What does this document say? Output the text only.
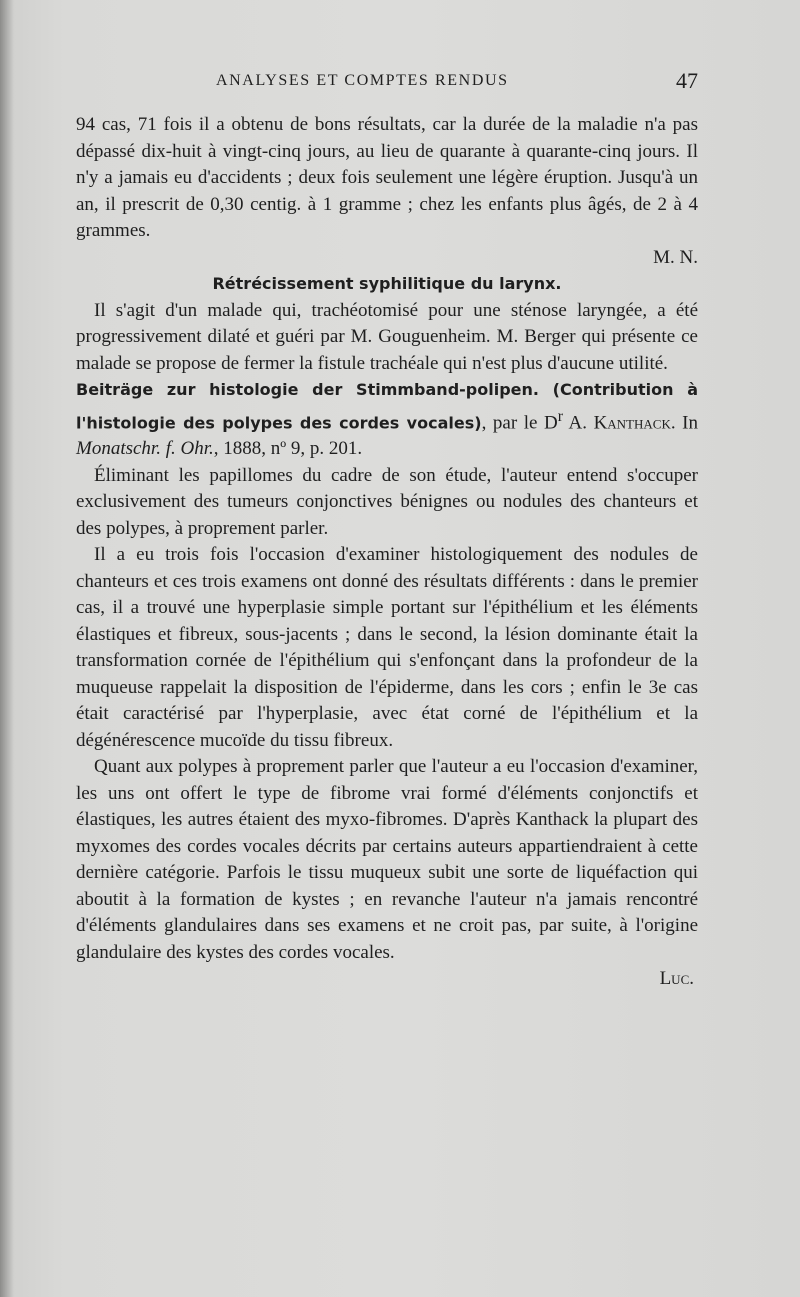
ANALYSES ET COMPTES RENDUS	47

94 cas, 71 fois il a obtenu de bons résultats, car la durée de la maladie n'a pas dépassé dix-huit à vingt-cinq jours, au lieu de quarante à quarante-cinq jours. Il n'y a jamais eu d'accidents ; deux fois seulement une légère éruption. Jusqu'à un an, il prescrit de 0,30 centig. à 1 gramme ; chez les enfants plus âgés, de 2 à 4 grammes.

M. N.

Rétrécissement syphilitique du larynx.

Il s'agit d'un malade qui, trachéotomisé pour une sténose laryngée, a été progressivement dilaté et guéri par M. Gouguenheim. M. Berger qui présente ce malade se propose de fermer la fistule trachéale qui n'est plus d'aucune utilité.

Beiträge zur histologie der Stimmband-polipen. (Contribution à l'histologie des polypes des cordes vocales), par le $D^r$ A. Kanthack. In Monatschr. f. Ohr., 1888, nº 9, p. 201.

Éliminant les papillomes du cadre de son étude, l'auteur entend s'occuper exclusivement des tumeurs conjonctives bénignes ou nodules des chanteurs et des polypes, à proprement parler.

Il a eu trois fois l'occasion d'examiner histologiquement des nodules de chanteurs et ces trois examens ont donné des résultats différents : dans le premier cas, il a trouvé une hyperplasie simple portant sur l'épithélium et les éléments élastiques et fibreux, sous-jacents ; dans le second, la lésion dominante était la transformation cornée de l'épithélium qui s'enfonçant dans la profondeur de la muqueuse rappelait la disposition de l'épiderme, dans les cors ; enfin le 3e cas était caractérisé par l'hyperplasie, avec état corné de l'épithélium et la dégénérescence mucoïde du tissu fibreux.

Quant aux polypes à proprement parler que l'auteur a eu l'occasion d'examiner, les uns ont offert le type de fibrome vrai formé d'éléments conjonctifs et élastiques, les autres étaient des myxo-fibromes. D'après Kanthack la plupart des myxomes des cordes vocales décrits par certains auteurs appartiendraient à cette dernière catégorie. Parfois le tissu muqueux subit une sorte de liquéfaction qui aboutit à la formation de kystes ; en revanche l'auteur n'a jamais rencontré d'éléments glandulaires dans ses examens et ne croit pas, par suite, à l'origine glandulaire des kystes des cordes vocales.

Luc.
